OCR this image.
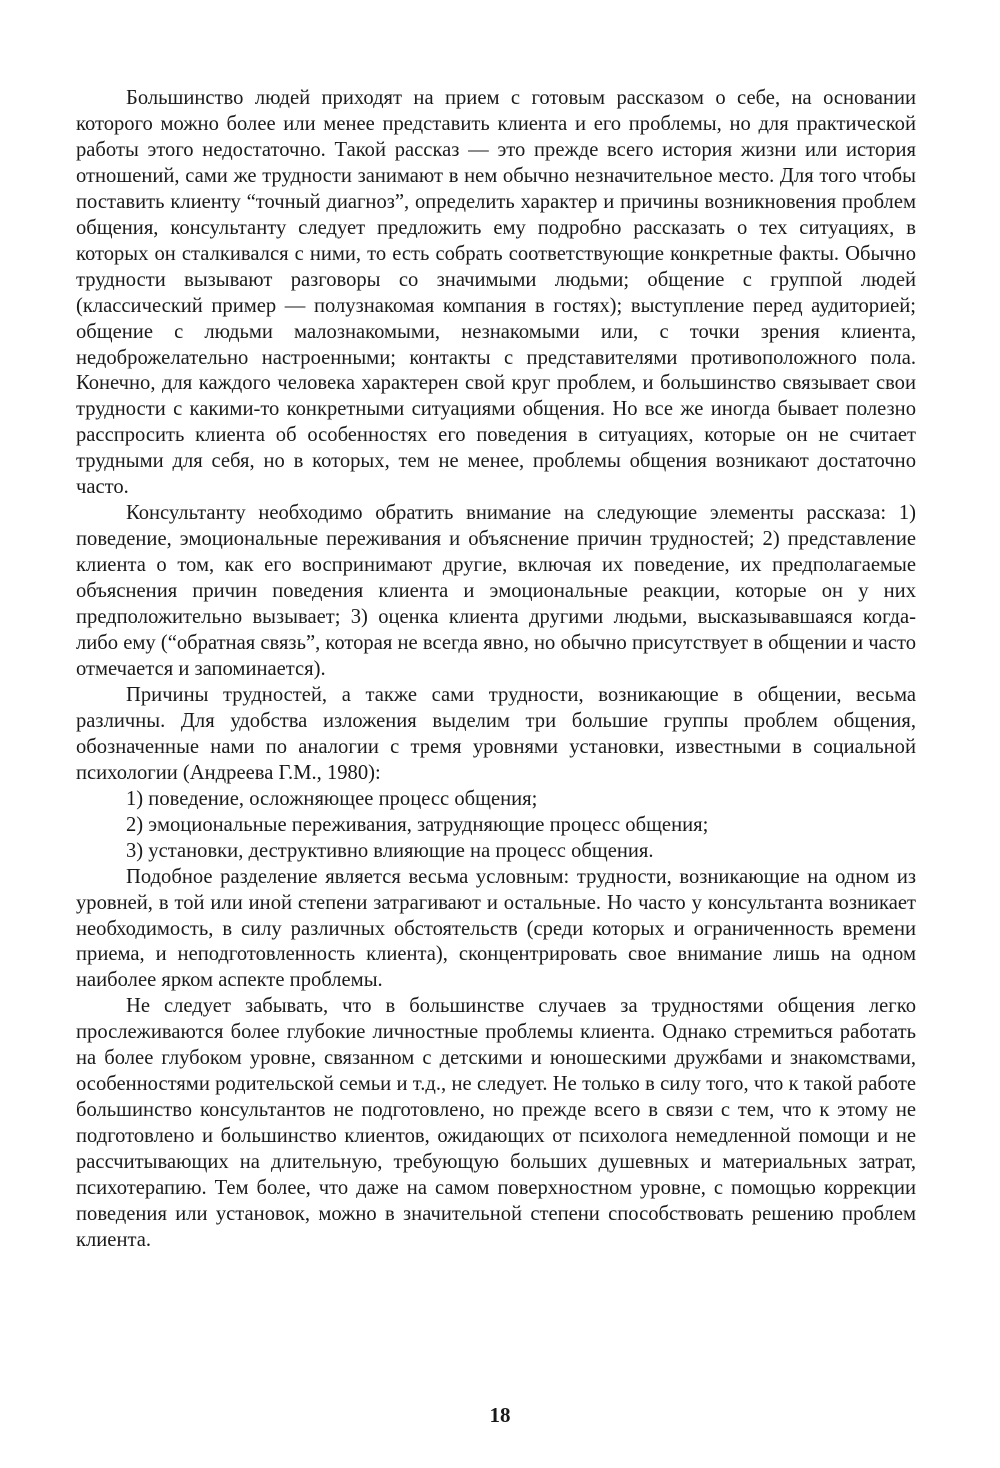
Большинство людей приходят на прием с готовым рассказом о себе, на основании которого можно более или менее представить клиента и его проблемы, но для практической работы этого недостаточно. Такой рассказ — это прежде всего история жизни или история отношений, сами же трудности занимают в нем обычно незначительное место. Для того чтобы поставить клиенту “точный диагноз”, определить характер и причины возникновения проблем общения, консультанту следует предложить ему подробно рассказать о тех ситуациях, в которых он сталкивался с ними, то есть собрать соответствующие конкретные факты. Обычно трудности вызывают разговоры со значимыми людьми; общение с группой людей (классический пример — полузнакомая компания в гостях); выступление перед аудиторией; общение с людьми малознакомыми, незнакомыми или, с точки зрения клиента, недоброжелательно настроенными; контакты с представителями противоположного пола. Конечно, для каждого человека характерен свой круг проблем, и большинство связывает свои трудности с какими-то конкретными ситуациями общения. Но все же иногда бывает полезно расспросить клиента об особенностях его поведения в ситуациях, которые он не считает трудными для себя, но в которых, тем не менее, проблемы общения возникают достаточно часто.

Консультанту необходимо обратить внимание на следующие элементы рассказа: 1) поведение, эмоциональные переживания и объяснение причин трудностей; 2) представление клиента о том, как его воспринимают другие, включая их поведение, их предполагаемые объяснения причин поведения клиента и эмоциональные реакции, которые он у них предположительно вызывает; 3) оценка клиента другими людьми, высказывавшаяся когда-либо ему (“обратная связь”, которая не всегда явно, но обычно присутствует в общении и часто отмечается и запоминается).

Причины трудностей, а также сами трудности, возникающие в общении, весьма различны. Для удобства изложения выделим три большие группы проблем общения, обозначенные нами по аналогии с тремя уровнями установки, известными в социальной психологии (Андреева Г.М., 1980):

1) поведение, осложняющее процесс общения;

2) эмоциональные переживания, затрудняющие процесс общения;

3) установки, деструктивно влияющие на процесс общения.

Подобное разделение является весьма условным: трудности, возникающие на одном из уровней, в той или иной степени затрагивают и остальные. Но часто у консультанта возникает необходимость, в силу различных обстоятельств (среди которых и ограниченность времени приема, и неподготовленность клиента), сконцентрировать свое внимание лишь на одном наиболее ярком аспекте проблемы.

Не следует забывать, что в большинстве случаев за трудностями общения легко прослеживаются более глубокие личностные проблемы клиента. Однако стремиться работать на более глубоком уровне, связанном с детскими и юношескими дружбами и знакомствами, особенностями родительской семьи и т.д., не следует. Не только в силу того, что к такой работе большинство консультантов не подготовлено, но прежде всего в связи с тем, что к этому не подготовлено и большинство клиентов, ожидающих от психолога немедленной помощи и не рассчитывающих на длительную, требующую больших душевных и материальных затрат, психотерапию. Тем более, что даже на самом поверхностном уровне, с помощью коррекции поведения или установок, можно в значительной степени способствовать решению проблем клиента.

18
